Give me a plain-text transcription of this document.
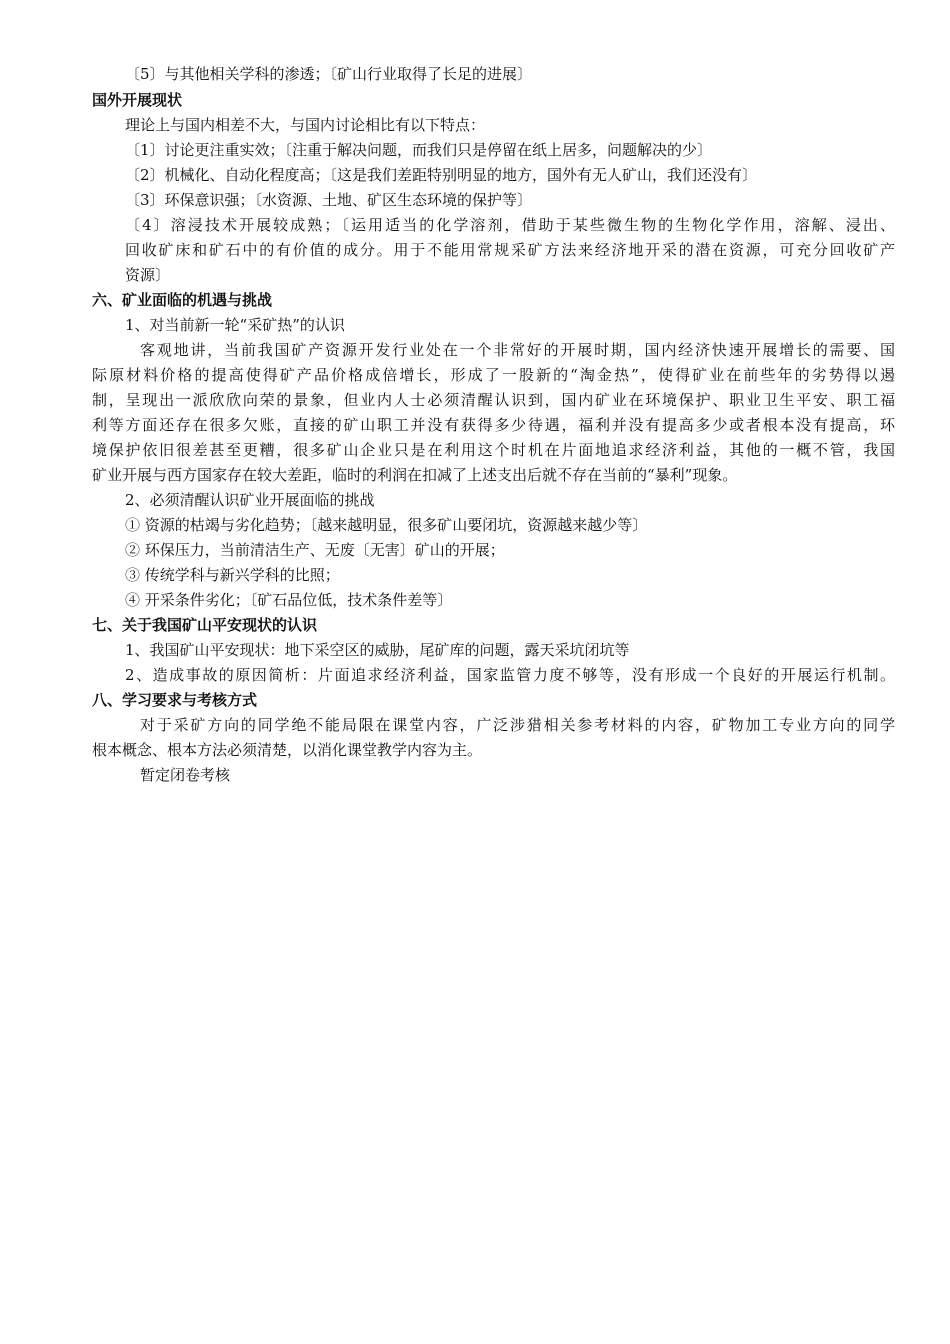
〔5〕与其他相关学科的渗透；〔矿山行业取得了长足的进展〕
国外开展现状
理论上与国内相差不大，与国内讨论相比有以下特点：
〔1〕讨论更注重实效；〔注重于解决问题，而我们只是停留在纸上居多，问题解决的少〕
〔2〕机械化、自动化程度高；〔这是我们差距特别明显的地方，国外有无人矿山，我们还没有〕
〔3〕环保意识强；〔水资源、土地、矿区生态环境的保护等〕
〔4〕溶浸技术开展较成熟；〔运用适当的化学溶剂，借助于某些微生物的生物化学作用，溶解、浸出、
回收矿床和矿石中的有价值的成分。用于不能用常规采矿方法来经济地开采的潜在资源，可充分回收矿产
资源〕
六、矿业面临的机遇与挑战
1、对当前新一轮“采矿热”的认识
客观地讲，当前我国矿产资源开发行业处在一个非常好的开展时期，国内经济快速开展增长的需要、国
际原材料价格的提高使得矿产品价格成倍增长，形成了一股新的“淘金热”，使得矿业在前些年的劣势得以遏
制，呈现出一派欣欣向荣的景象，但业内人士必须清醒认识到，国内矿业在环境保护、职业卫生平安、职工福
利等方面还存在很多欠账，直接的矿山职工并没有获得多少待遇，福利并没有提高多少或者根本没有提高，环
境保护依旧很差甚至更糟，很多矿山企业只是在利用这个时机在片面地追求经济利益，其他的一概不管，我国
矿业开展与西方国家存在较大差距，临时的利润在扣减了上述支出后就不存在当前的“暴利”现象。
2、必须清醒认识矿业开展面临的挑战
① 资源的枯竭与劣化趋势；〔越来越明显，很多矿山要闭坑，资源越来越少等〕
② 环保压力，当前清洁生产、无废〔无害〕矿山的开展；
③ 传统学科与新兴学科的比照；
④ 开采条件劣化；〔矿石品位低，技术条件差等〕
七、关于我国矿山平安现状的认识
1、我国矿山平安现状：地下采空区的威胁，尾矿库的问题，露天采坑闭坑等
2、造成事故的原因简析：片面追求经济利益，国家监管力度不够等，没有形成一个良好的开展运行机制。
八、学习要求与考核方式
对于采矿方向的同学绝不能局限在课堂内容，广泛涉猎相关参考材料的内容，矿物加工专业方向的同学
根本概念、根本方法必须清楚，以消化课堂教学内容为主。
暂定闭卷考核
